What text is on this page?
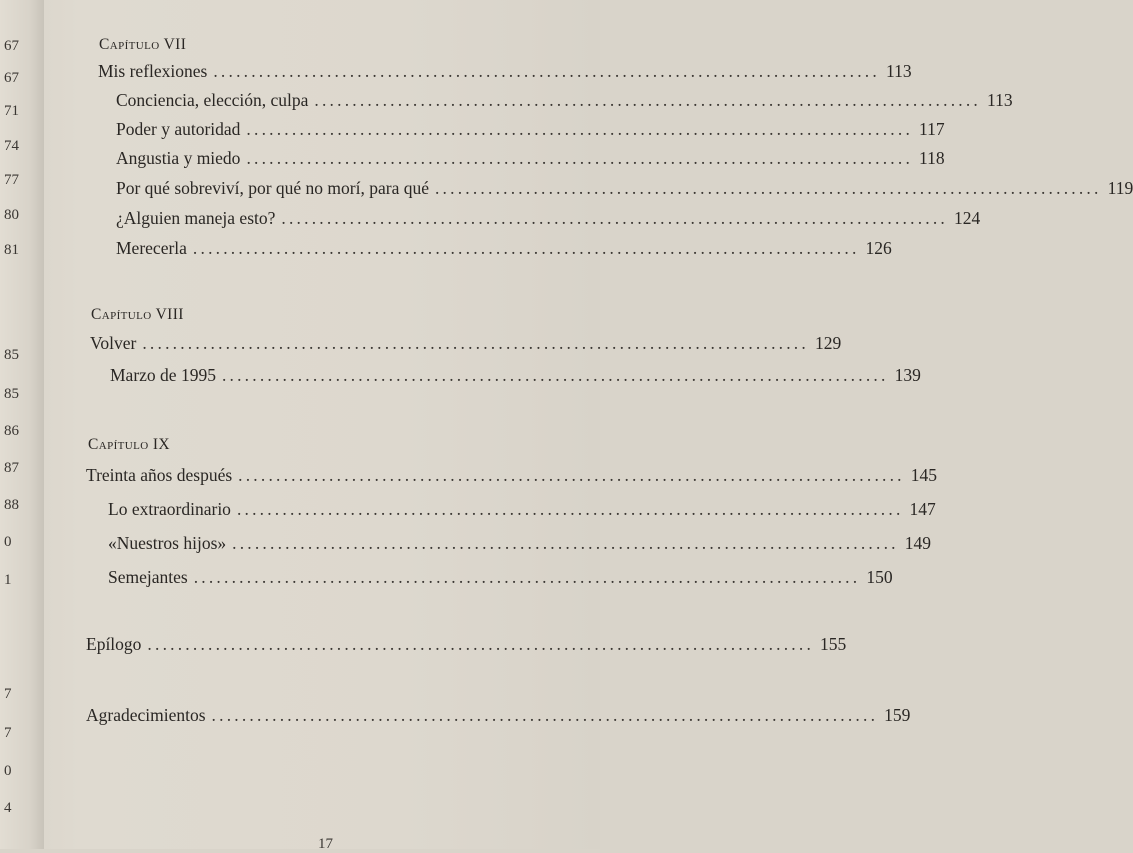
67
67
71
74
77
80
81
85
85
86
87
88
0
1
7
7
0
4
Capítulo VII
Mis reflexiones ........................................................................................ 113
Conciencia, elección, culpa ........................................................................................ 113
Poder y autoridad ........................................................................................ 117
Angustia y miedo ........................................................................................ 118
Por qué sobreviví, por qué no morí, para qué ........................................................................................ 119
¿Alguien maneja esto? ........................................................................................ 124
Merecerla ........................................................................................ 126
Capítulo VIII
Volver ........................................................................................ 129
Marzo de 1995 ........................................................................................ 139
Capítulo IX
Treinta años después ........................................................................................ 145
Lo extraordinario ........................................................................................ 147
«Nuestros hijos» ........................................................................................ 149
Semejantes ........................................................................................ 150
Epílogo ........................................................................................ 155
Agradecimientos ........................................................................................ 159
17
